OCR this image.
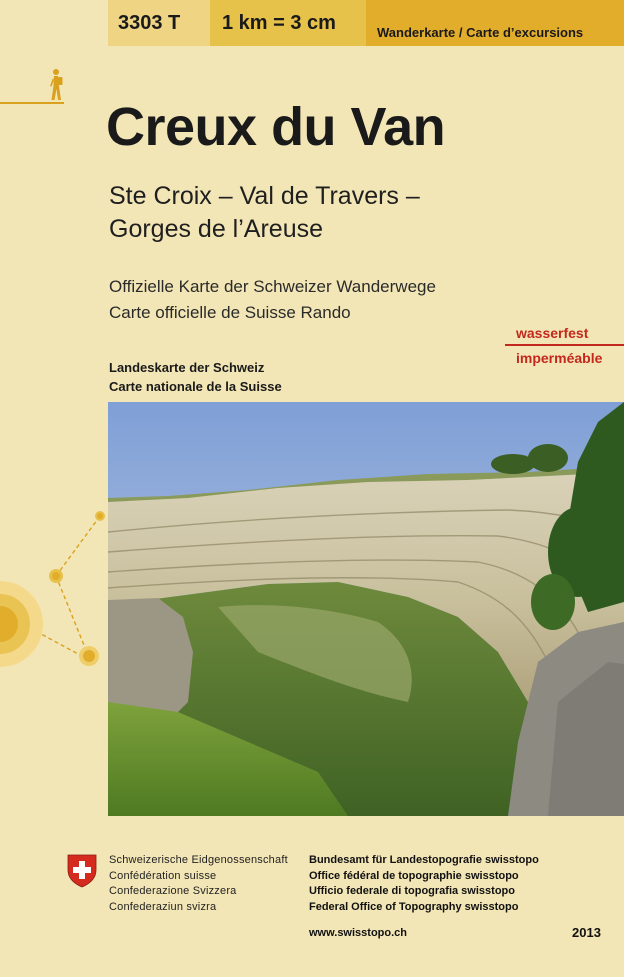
3303 T	1 km = 3 cm	Wanderkarte / Carte d’excursions
Creux du Van
Ste Croix – Val de Travers –
Gorges de l’Areuse
Offizielle Karte der Schweizer Wanderwege
Carte officielle de Suisse Rando
wasserfest
imperméable
Landeskarte der Schweiz
Carte nationale de la Suisse
Schweizerische Eidgenossenschaft
Confédération suisse
Confederazione Svizzera
Confederaziun svizra
Bundesamt für Landestopografie swisstopo
Office fédéral de topographie swisstopo
Ufficio federale di topografia swisstopo
Federal Office of Topography swisstopo
www.swisstopo.ch	2013
